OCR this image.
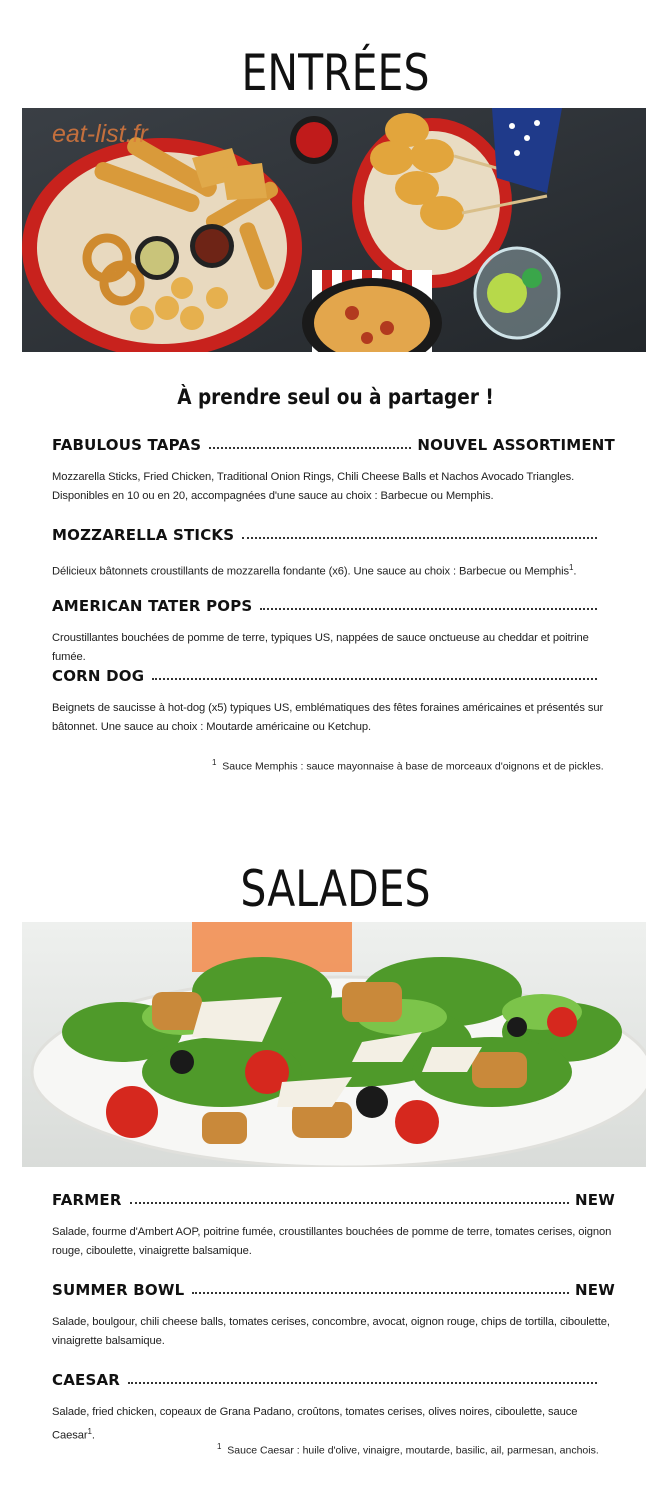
ENTRÉES
eat-list.fr
À prendre seul ou à partager !
FABULOUS TAPAS	NOUVEL ASSORTIMENT
Mozzarella Sticks, Fried Chicken, Traditional Onion Rings, Chili Cheese Balls et Nachos Avocado Triangles. Disponibles en 10 ou en 20, accompagnées d'une sauce au choix : Barbecue ou Memphis.
MOZZARELLA STICKS
Délicieux bâtonnets croustillants de mozzarella fondante (x6). Une sauce au choix : Barbecue ou Memphis$^1$.
AMERICAN TATER POPS
Croustillantes bouchées de pomme de terre, typiques US, nappées de sauce onctueuse au cheddar et poitrine fumée.
CORN DOG
Beignets de saucisse à hot-dog (x5) typiques US, emblématiques des fêtes foraines américaines et présentés sur bâtonnet. Une sauce au choix : Moutarde américaine ou Ketchup.
$^1$ Sauce Memphis : sauce mayonnaise à base de morceaux d'oignons et de pickles.
SALADES
FARMER	NEW
Salade, fourme d'Ambert AOP, poitrine fumée, croustillantes bouchées de pomme de terre, tomates cerises, oignon rouge, ciboulette, vinaigrette balsamique.
SUMMER BOWL	NEW
Salade, boulgour, chili cheese balls, tomates cerises, concombre, avocat, oignon rouge, chips de tortilla, ciboulette, vinaigrette balsamique.
CAESAR
Salade, fried chicken, copeaux de Grana Padano, croûtons, tomates cerises, olives noires, ciboulette, sauce Caesar$^1$.
$^1$ Sauce Caesar : huile d'olive, vinaigre, moutarde, basilic, ail, parmesan, anchois.
